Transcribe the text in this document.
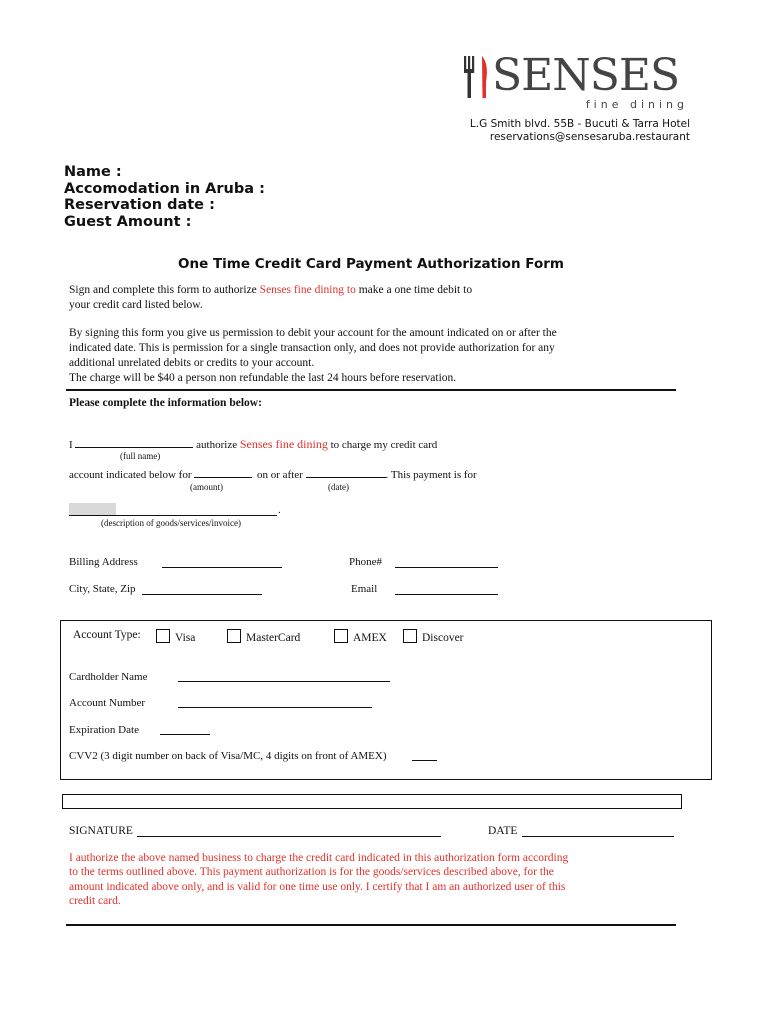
SENSES
fine dining
L.G Smith blvd. 55B - Bucuti & Tarra Hotel
reservations@sensesaruba.restaurant
Name :
Accomodation in Aruba :
Reservation date :
Guest Amount :
One Time Credit Card Payment Authorization Form
Sign and complete this form to authorize Senses fine dining to make a one time debit to
your credit card listed below.
By signing this form you give us permission to debit your account for the amount indicated on or after the
indicated date. This is permission for a single transaction only, and does not provide authorization for any
additional unrelated debits or credits to your account.
The charge will be $40 a person non refundable the last 24 hours before reservation.
Please complete the information below:
I	authorize Senses fine dining to charge my credit card
(full name)
account indicated below for	on or after	. This payment is for
(amount)	(date)
.
(description of goods/services/invoice)
Billing Address	Phone#
City, State, Zip	Email
Account Type:	Visa	MasterCard	AMEX	Discover
Cardholder Name
Account Number
Expiration Date
CVV2 (3 digit number on back of Visa/MC, 4 digits on front of AMEX)
SIGNATURE	DATE
I authorize the above named business to charge the credit card indicated in this authorization form according
to the terms outlined above. This payment authorization is for the goods/services described above, for the
amount indicated above only, and is valid for one time use only. I certify that I am an authorized user of this
credit card.
